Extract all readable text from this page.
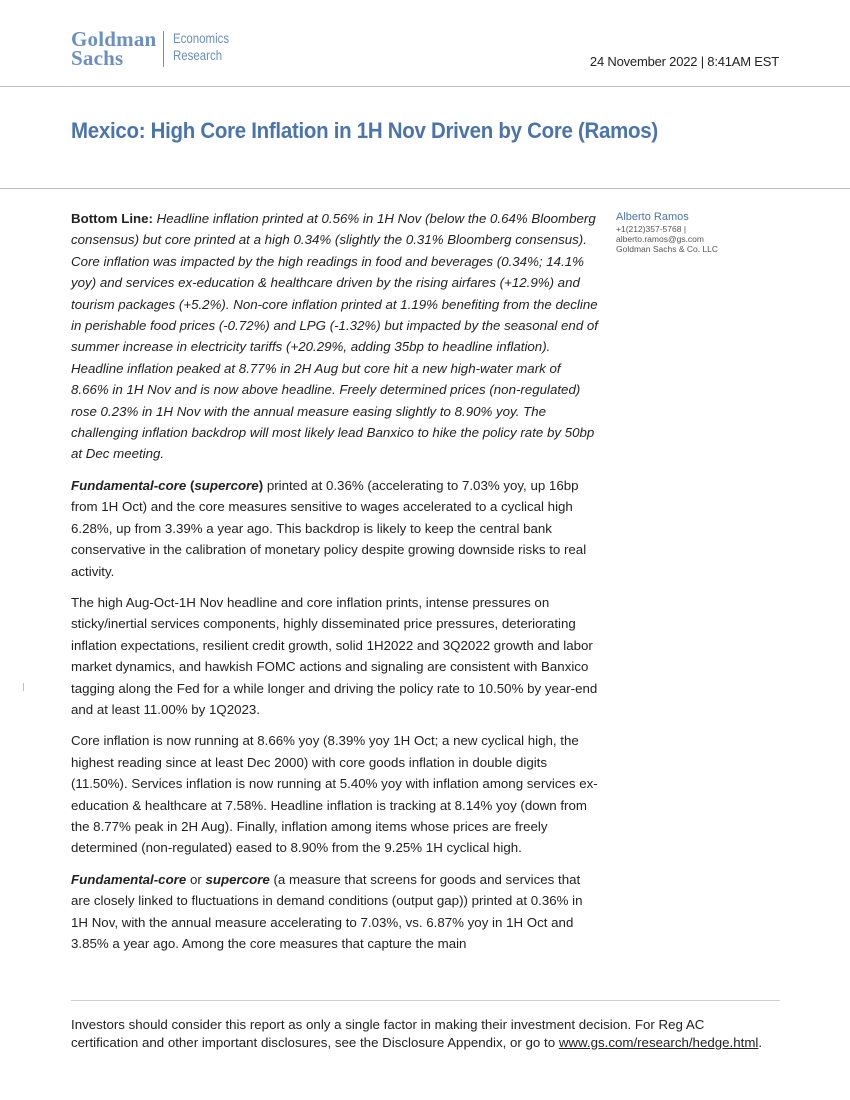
Goldman
Sachs
Economics
Research	24 November 2022 | 8:41AM EST
Mexico: High Core Inflation in 1H Nov Driven by Core (Ramos)

Bottom Line: Headline inflation printed at 0.56% in 1H Nov (below the 0.64% Bloomberg consensus) but core printed at a high 0.34% (slightly the 0.31% Bloomberg consensus). Core inflation was impacted by the high readings in food and beverages (0.34%; 14.1% yoy) and services ex-education & healthcare driven by the rising airfares (+12.9%) and tourism packages (+5.2%). Non-core inflation printed at 1.19% benefiting from the decline in perishable food prices (-0.72%) and LPG (-1.32%) but impacted by the seasonal end of summer increase in electricity tariffs (+20.29%, adding 35bp to headline inflation). Headline inflation peaked at 8.77% in 2H Aug but core hit a new high-water mark of 8.66% in 1H Nov and is now above headline. Freely determined prices (non-regulated) rose 0.23% in 1H Nov with the annual measure easing slightly to 8.90% yoy. The challenging inflation backdrop will most likely lead Banxico to hike the policy rate by 50bp at Dec meeting.

Fundamental-core (supercore) printed at 0.36% (accelerating to 7.03% yoy, up 16bp from 1H Oct) and the core measures sensitive to wages accelerated to a cyclical high 6.28%, up from 3.39% a year ago. This backdrop is likely to keep the central bank conservative in the calibration of monetary policy despite growing downside risks to real activity.

The high Aug-Oct-1H Nov headline and core inflation prints, intense pressures on sticky/inertial services components, highly disseminated price pressures, deteriorating inflation expectations, resilient credit growth, solid 1H2022 and 3Q2022 growth and labor market dynamics, and hawkish FOMC actions and signaling are consistent with Banxico tagging along the Fed for a while longer and driving the policy rate to 10.50% by year-end and at least 11.00% by 1Q2023.

Core inflation is now running at 8.66% yoy (8.39% yoy 1H Oct; a new cyclical high, the highest reading since at least Dec 2000) with core goods inflation in double digits (11.50%). Services inflation is now running at 5.40% yoy with inflation among services ex-education & healthcare at 7.58%. Headline inflation is tracking at 8.14% yoy (down from the 8.77% peak in 2H Aug). Finally, inflation among items whose prices are freely determined (non-regulated) eased to 8.90% from the 9.25% 1H cyclical high.

Fundamental-core or supercore (a measure that screens for goods and services that are closely linked to fluctuations in demand conditions (output gap)) printed at 0.36% in 1H Nov, with the annual measure accelerating to 7.03%, vs. 6.87% yoy in 1H Oct and 3.85% a year ago. Among the core measures that capture the main

Alberto Ramos
+1(212)357-5768 |
alberto.ramos@gs.com
Goldman Sachs & Co. LLC
Investors should consider this report as only a single factor in making their investment decision. For Reg AC certification and other important disclosures, see the Disclosure Appendix, or go to www.gs.com/research/hedge.html.
